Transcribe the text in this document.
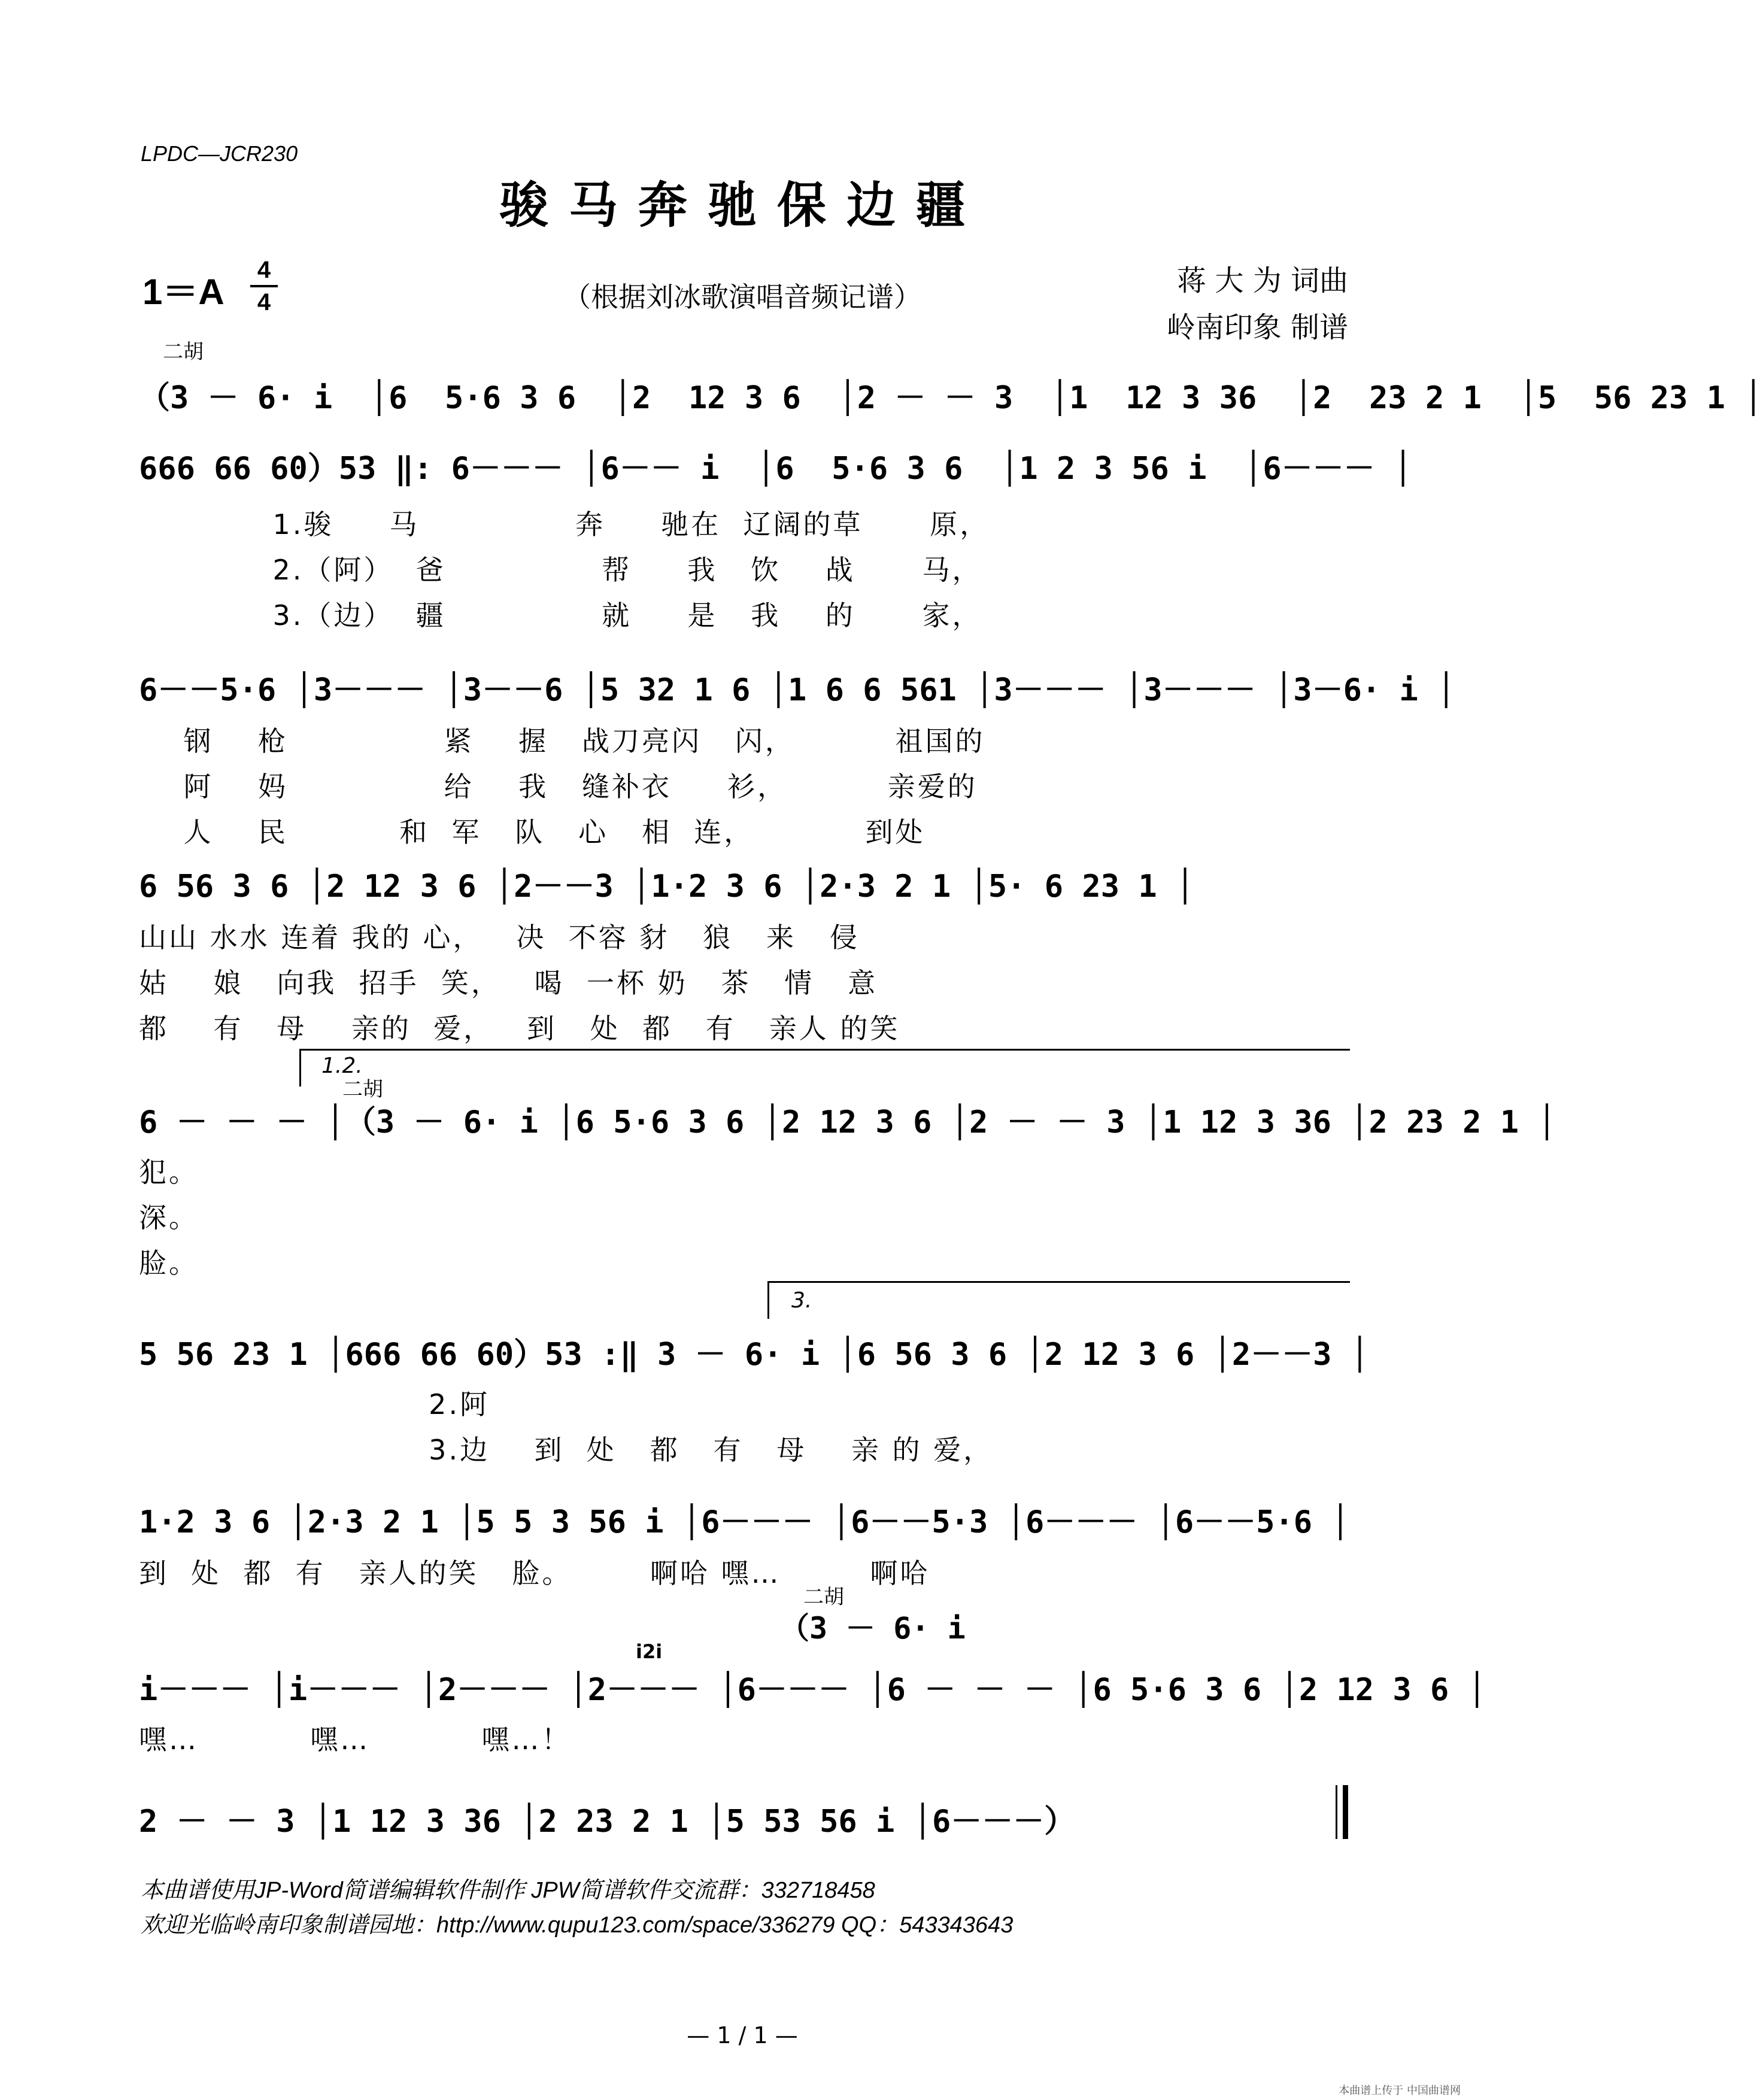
LPDC—JCR230
骏马奔驰保边疆
1＝A
4
4	（根据刘冰歌演唱音频记谱）	蒋 大 为 词曲
岭南印象 制谱
二胡
（3 － 6· i  │6  5·6 3 6  │2  12 3 6  │2 － － 3  │1  12 3 36  │2  23 2 1  │5  56 23 1 │
666 66 60）53 ‖: 6－－－ │6－－ i  │6  5·6 3 6  │1 2 3 56 i  │6－－－ │
1.骏     马              奔     驰在  辽阔的草      原，
2.（阿）  爸              帮     我   饮    战      马，
3.（边）  疆              就     是   我    的      家，
6－－5·6 │3－－－ │3－－6 │5 32 1 6 │1 6 6 561 │3－－－ │3－－－ │3－6· i │
钢    枪              紧    握   战刀亮闪   闪，         祖国的
阿    妈              给    我   缝补衣     衫，         亲爱的
人    民          和  军   队   心   相  连，          到处
6 56 3 6 │2 12 3 6 │2－－3 │1·2 3 6 │2·3 2 1 │5· 6 23 1 │
山山 水水 连着 我的 心，   决  不容 豺   狼   来   侵
姑    娘   向我  招手  笑，   喝  一杯 奶   茶   情   意
都    有   母    亲的  爱，   到   处  都   有   亲人 的笑
1.2.
二胡
6 － － － │（3 － 6· i │6 5·6 3 6 │2 12 3 6 │2 － － 3 │1 12 3 36 │2 23 2 1 │
犯。
深。
脸。
3.
5 56 23 1 │666 66 60）53 :‖ 3 － 6· i │6 56 3 6 │2 12 3 6 │2－－3 │
2.阿
3.边    到  处   都   有   母    亲 的 爱，
1·2 3 6 │2·3 2 1 │5 5 3 56 i │6－－－ │6－－5·3 │6－－－ │6－－5·6 │
到  处  都  有   亲人的笑   脸。       啊哈 嘿…        啊哈
二胡
（3 － 6· i
i2i
i－－－ │i－－－ │2－－－ │2－－－ │6－－－ │6 － － － │6 5·6 3 6 │2 12 3 6 │
嘿…          嘿…          嘿…！
2 － － 3 │1 12 3 36 │2 23 2 1 │5 53 56 i │6－－－）
本曲谱使用JP-Word简谱编辑软件制作 JPW简谱软件交流群：332718458
欢迎光临岭南印象制谱园地：http://www.qupu123.com/space/336279 QQ：543343643
— 1 / 1 —
本曲谱上传于 中国曲谱网
